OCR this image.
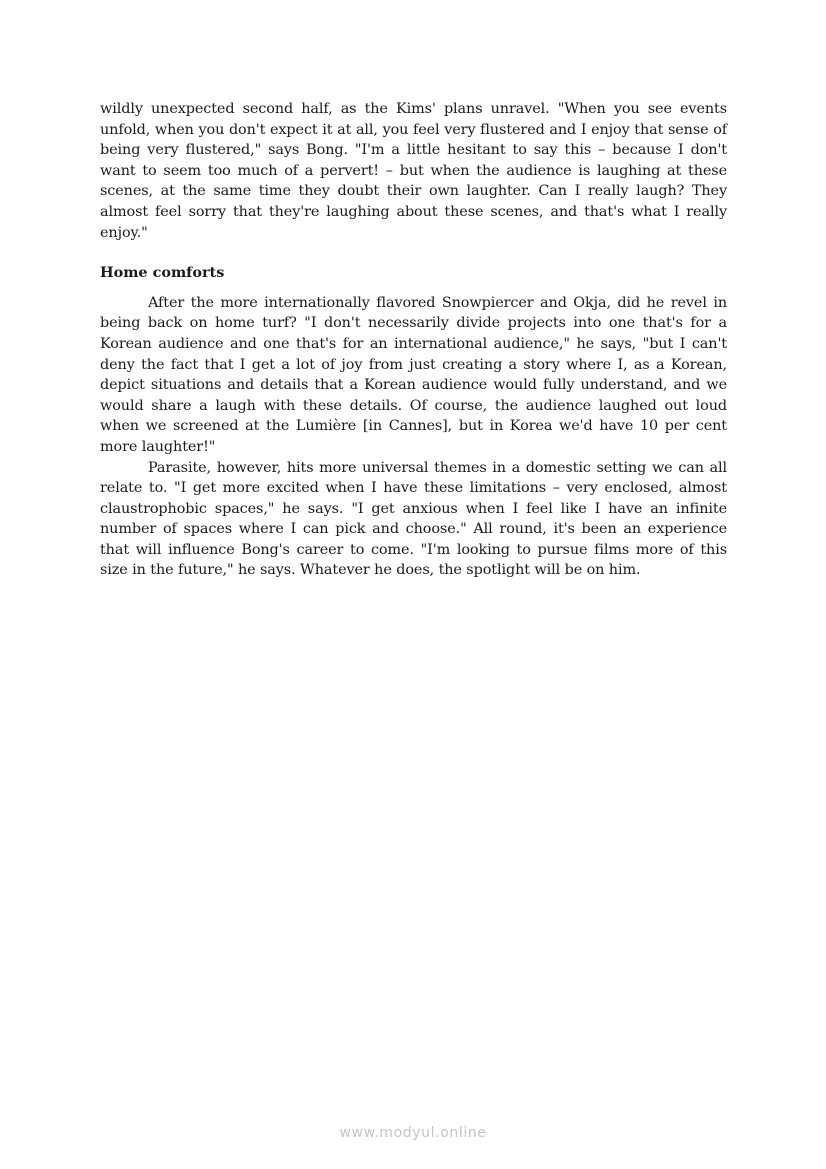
wildly unexpected second half, as the Kims' plans unravel. "When you see events unfold, when you don't expect it at all, you feel very flustered and I enjoy that sense of being very flustered," says Bong. "I'm a little hesitant to say this – because I don't want to seem too much of a pervert! – but when the audience is laughing at these scenes, at the same time they doubt their own laughter. Can I really laugh? They almost feel sorry that they're laughing about these scenes, and that's what I really enjoy."

Home comforts

After the more internationally flavored Snowpiercer and Okja, did he revel in being back on home turf? "I don't necessarily divide projects into one that's for a Korean audience and one that's for an international audience," he says, "but I can't deny the fact that I get a lot of joy from just creating a story where I, as a Korean, depict situations and details that a Korean audience would fully understand, and we would share a laugh with these details. Of course, the audience laughed out loud when we screened at the Lumière [in Cannes], but in Korea we'd have 10 per cent more laughter!"

Parasite, however, hits more universal themes in a domestic setting we can all relate to. "I get more excited when I have these limitations – very enclosed, almost claustrophobic spaces," he says. "I get anxious when I feel like I have an infinite number of spaces where I can pick and choose." All round, it's been an experience that will influence Bong's career to come. "I'm looking to pursue films more of this size in the future," he says. Whatever he does, the spotlight will be on him.

www.modyul.online
